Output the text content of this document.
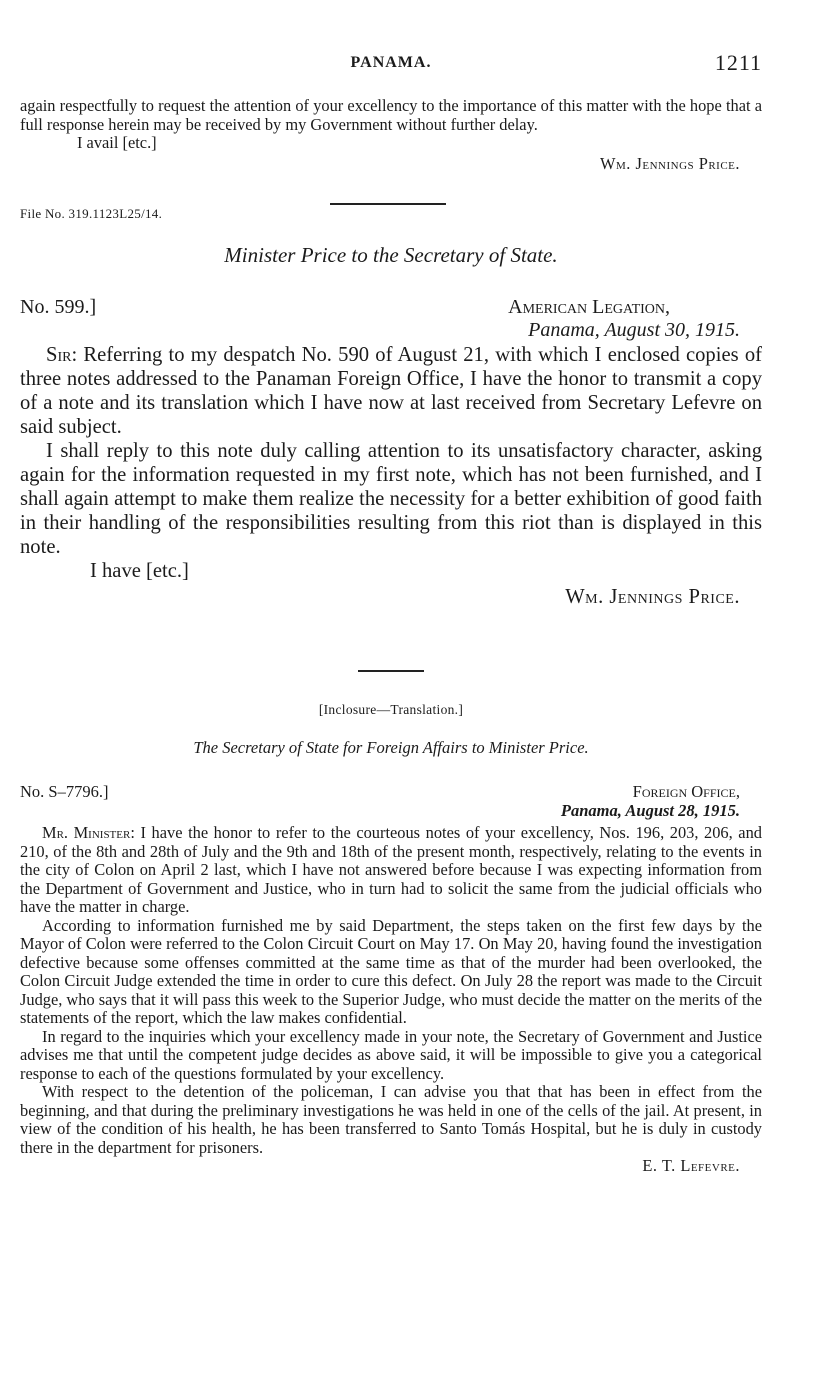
PANAMA.	1211

again respectfully to request the attention of your excellency to the importance of this matter with the hope that a full response herein may be received by my Government without further delay.

I avail [etc.]

Wm. Jennings Price.

File No. 319.1123L25/14.
Minister Price to the Secretary of State.
No. 599.]	American Legation,
Panama, August 30, 1915.

Sir: Referring to my despatch No. 590 of August 21, with which I enclosed copies of three notes addressed to the Panaman Foreign Office, I have the honor to transmit a copy of a note and its translation which I have now at last received from Secretary Lefevre on said subject.

I shall reply to this note duly calling attention to its unsatisfactory character, asking again for the information requested in my first note, which has not been furnished, and I shall again attempt to make them realize the necessity for a better exhibition of good faith in their handling of the responsibilities resulting from this riot than is displayed in this note.

I have [etc.]

Wm. Jennings Price.

[Inclosure—Translation.]
The Secretary of State for Foreign Affairs to Minister Price.
No. S–7796.]	Foreign Office,
Panama, August 28, 1915.

Mr. Minister: I have the honor to refer to the courteous notes of your excellency, Nos. 196, 203, 206, and 210, of the 8th and 28th of July and the 9th and 18th of the present month, respectively, relating to the events in the city of Colon on April 2 last, which I have not answered before because I was expecting information from the Department of Government and Justice, who in turn had to solicit the same from the judicial officials who have the matter in charge.

According to information furnished me by said Department, the steps taken on the first few days by the Mayor of Colon were referred to the Colon Circuit Court on May 17. On May 20, having found the investigation defective because some offenses committed at the same time as that of the murder had been overlooked, the Colon Circuit Judge extended the time in order to cure this defect. On July 28 the report was made to the Circuit Judge, who says that it will pass this week to the Superior Judge, who must decide the matter on the merits of the statements of the report, which the law makes confidential.

In regard to the inquiries which your excellency made in your note, the Secretary of Government and Justice advises me that until the competent judge decides as above said, it will be impossible to give you a categorical response to each of the questions formulated by your excellency.

With respect to the detention of the policeman, I can advise you that that has been in effect from the beginning, and that during the preliminary investigations he was held in one of the cells of the jail. At present, in view of the condition of his health, he has been transferred to Santo Tomás Hospital, but he is duly in custody there in the department for prisoners.

E. T. Lefevre.
